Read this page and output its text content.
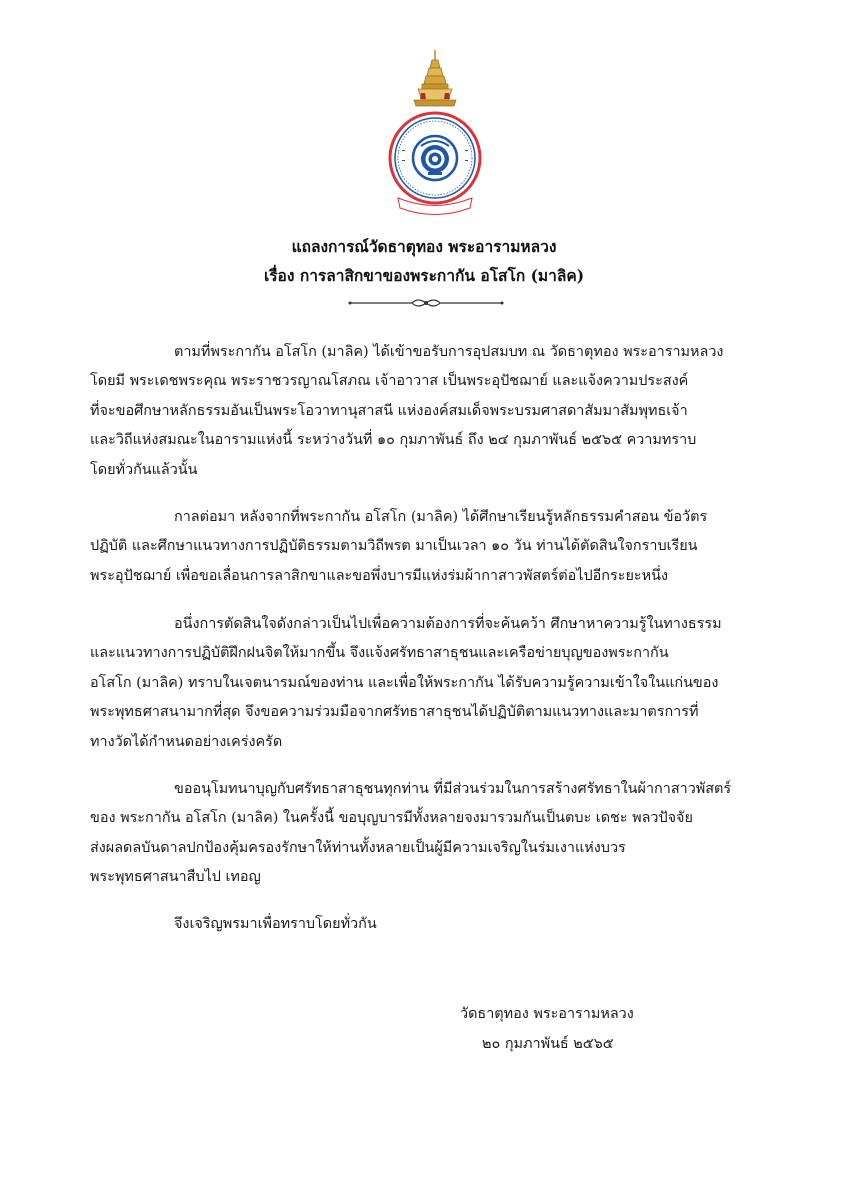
แถลงการณ์วัดธาตุทอง พระอารามหลวง
เรื่อง การลาสิกขาของพระกากัน อโสโก (มาลิค)
ตามที่พระกากัน อโสโก (มาลิค) ได้เข้าขอรับการอุปสมบท ณ วัดธาตุทอง พระอารามหลวง
โดยมี พระเดชพระคุณ พระราชวรญาณโสภณ เจ้าอาวาส เป็นพระอุปัชฌาย์ และแจ้งความประสงค์
ที่จะขอศึกษาหลักธรรมอันเป็นพระโอวาทานุสาสนี แห่งองค์สมเด็จพระบรมศาสดาสัมมาสัมพุทธเจ้า
และวิถีแห่งสมณะในอารามแห่งนี้ ระหว่างวันที่ ๑๐ กุมภาพันธ์ ถึง ๒๔ กุมภาพันธ์ ๒๕๖๕ ความทราบ
โดยทั่วกันแล้วนั้น
กาลต่อมา หลังจากที่พระกากัน อโสโก (มาลิค) ได้ศึกษาเรียนรู้หลักธรรมคำสอน ข้อวัตร
ปฏิบัติ และศึกษาแนวทางการปฏิบัติธรรมตามวิถีพรต มาเป็นเวลา ๑๐ วัน ท่านได้ตัดสินใจกราบเรียน
พระอุปัชฌาย์ เพื่อขอเลื่อนการลาสิกขาและขอพึ่งบารมีแห่งร่มผ้ากาสาวพัสตร์ต่อไปอีกระยะหนึ่ง
อนึ่งการตัดสินใจดังกล่าวเป็นไปเพื่อความต้องการที่จะค้นคว้า ศึกษาหาความรู้ในทางธรรม
และแนวทางการปฏิบัติฝึกฝนจิตให้มากขึ้น จึงแจ้งศรัทธาสาธุชนและเครือข่ายบุญของพระกากัน
อโสโก (มาลิค) ทราบในเจตนารมณ์ของท่าน และเพื่อให้พระกากัน ได้รับความรู้ความเข้าใจในแก่นของ
พระพุทธศาสนามากที่สุด จึงขอความร่วมมือจากศรัทธาสาธุชนได้ปฏิบัติตามแนวทางและมาตรการที่
ทางวัดได้กำหนดอย่างเคร่งครัด
ขออนุโมทนาบุญกับศรัทธาสาธุชนทุกท่าน ที่มีส่วนร่วมในการสร้างศรัทธาในผ้ากาสาวพัสตร์
ของ พระกากัน อโสโก (มาลิค) ในครั้งนี้ ขอบุญบารมีทั้งหลายจงมารวมกันเป็นตบะ เดชะ พลวปัจจัย
ส่งผลดลบันดาลปกป้องคุ้มครองรักษาให้ท่านทั้งหลายเป็นผู้มีความเจริญในร่มเงาแห่งบวร
พระพุทธศาสนาสืบไป เทอญ
จึงเจริญพรมาเพื่อทราบโดยทั่วกัน
วัดธาตุทอง พระอารามหลวง
๒๐ กุมภาพันธ์ ๒๕๖๕
